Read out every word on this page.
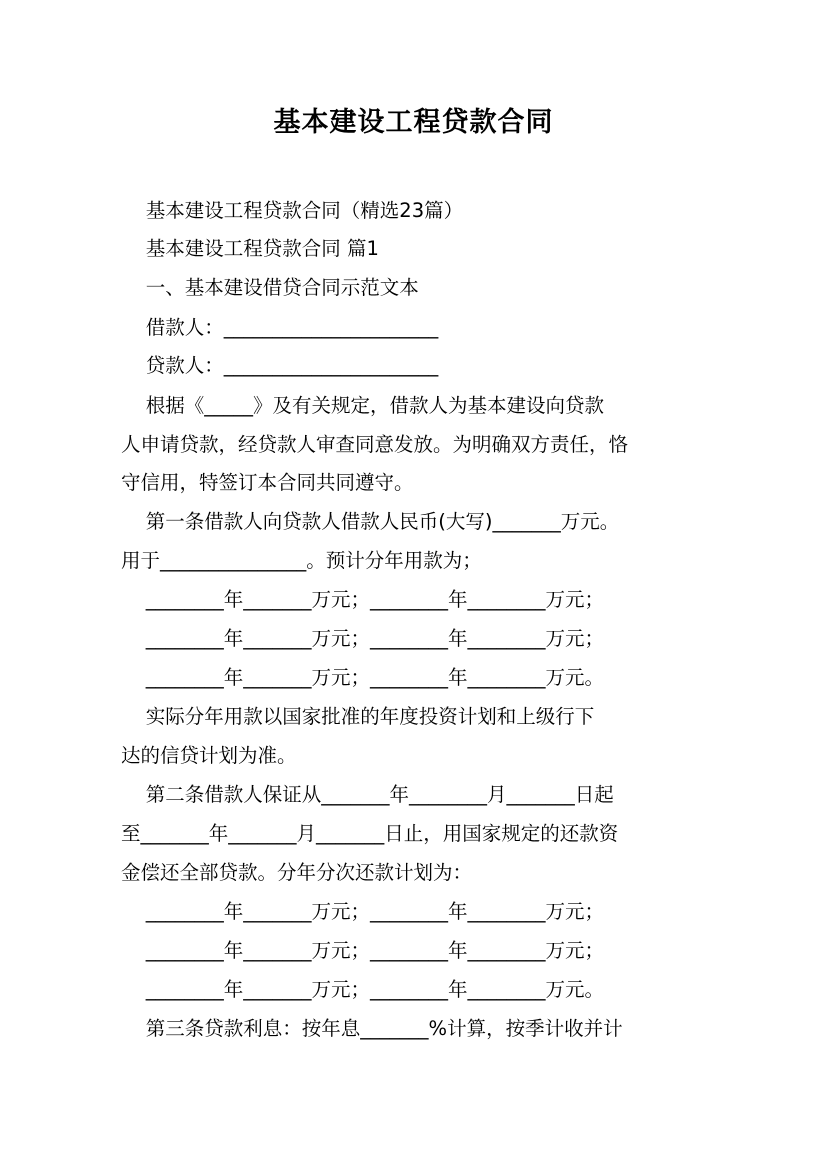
基本建设工程贷款合同
基本建设工程贷款合同（精选23篇）
基本建设工程贷款合同 篇1
一、基本建设借贷合同示范文本
借款人：______________________
贷款人：______________________
根据《_____》及有关规定，借款人为基本建设向贷款
人申请贷款，经贷款人审查同意发放。为明确双方责任，恪
守信用，特签订本合同共同遵守。
第一条借款人向贷款人借款人民币(大写)_______万元。
用于_______________。预计分年用款为；
________年_______万元；________年________万元；
________年_______万元；________年________万元；
________年_______万元；________年________万元。
实际分年用款以国家批准的年度投资计划和上级行下
达的信贷计划为准。
第二条借款人保证从_______年________月_______日起
至_______年_______月_______日止，用国家规定的还款资
金偿还全部贷款。分年分次还款计划为：
________年_______万元；________年________万元；
________年_______万元；________年________万元；
________年_______万元；________年________万元。
第三条贷款利息：按年息_______%计算，按季计收并计
